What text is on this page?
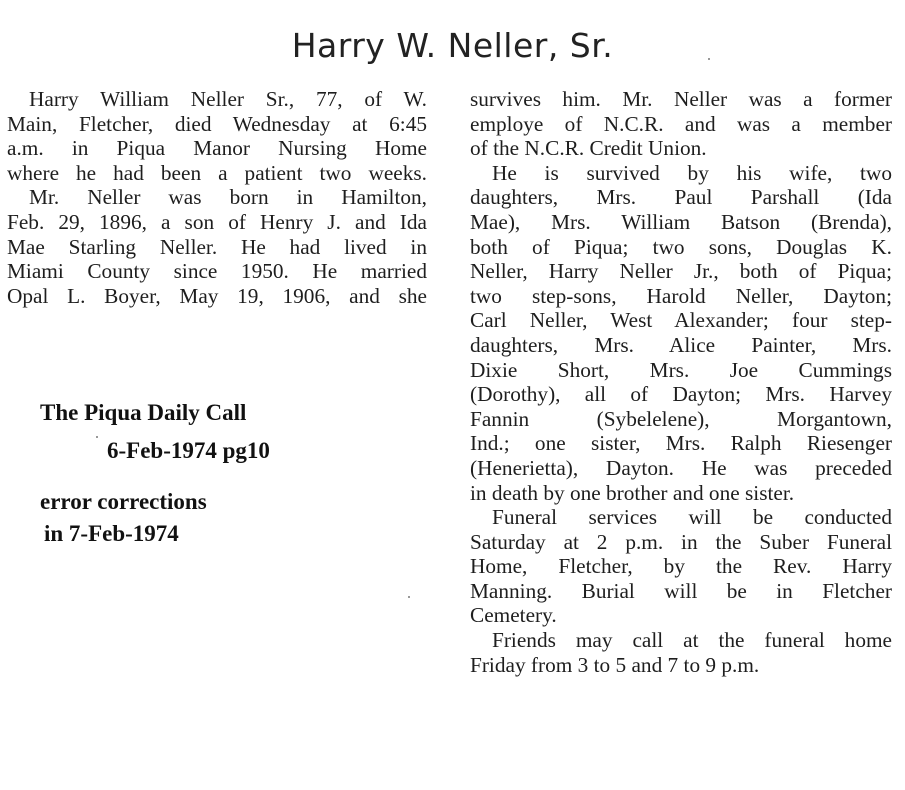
Harry W. Neller, Sr.
Harry William Neller Sr., 77, of W.
Main, Fletcher, died Wednesday at 6:45
a.m. in Piqua Manor Nursing Home
where he had been a patient two weeks.
Mr. Neller was born in Hamilton,
Feb. 29, 1896, a son of Henry J. and Ida
Mae Starling Neller. He had lived in
Miami County since 1950. He married
Opal L. Boyer, May 19, 1906, and she
survives him. Mr. Neller was a former
employe of N.C.R. and was a member
of the N.C.R. Credit Union.
He is survived by his wife, two
daughters, Mrs. Paul Parshall (Ida
Mae), Mrs. William Batson (Brenda),
both of Piqua; two sons, Douglas K.
Neller, Harry Neller Jr., both of Piqua;
two step-sons, Harold Neller, Dayton;
Carl Neller, West Alexander; four step-
daughters, Mrs. Alice Painter, Mrs.
Dixie Short, Mrs. Joe Cummings
(Dorothy), all of Dayton; Mrs. Harvey
Fannin (Sybelelene), Morgantown,
Ind.; one sister, Mrs. Ralph Riesenger
(Henerietta), Dayton. He was preceded
in death by one brother and one sister.
Funeral services will be conducted
Saturday at 2 p.m. in the Suber Funeral
Home, Fletcher, by the Rev. Harry
Manning. Burial will be in Fletcher
Cemetery.
Friends may call at the funeral home
Friday from 3 to 5 and 7 to 9 p.m.
The Piqua Daily Call
6-Feb-1974 pg10
error corrections
in 7-Feb-1974
